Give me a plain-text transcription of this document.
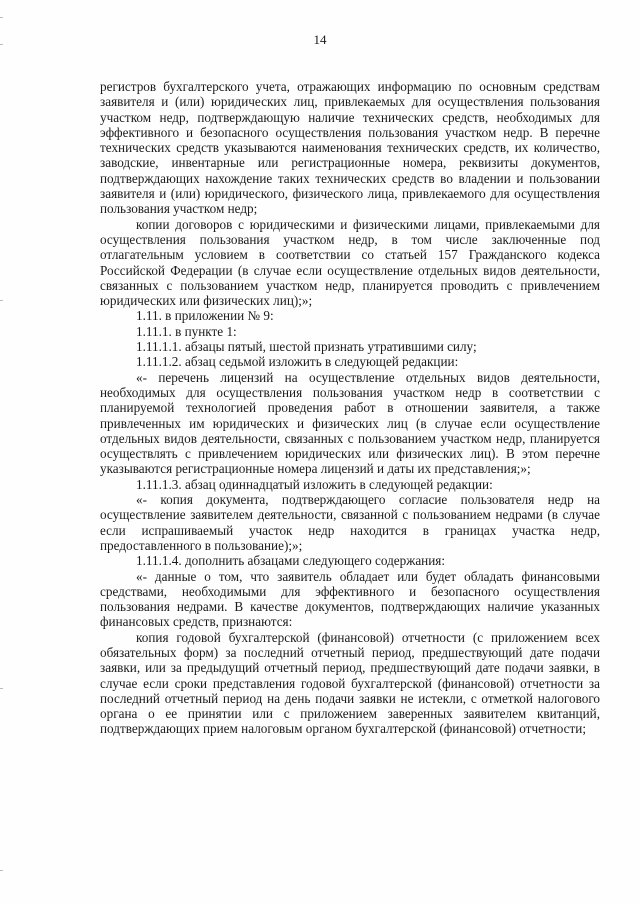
14

регистров бухгалтерского учета, отражающих информацию по основным средствам заявителя и (или) юридических лиц, привлекаемых для осуществления пользования участком недр, подтверждающую наличие технических средств, необходимых для эффективного и безопасного осуществления пользования участком недр. В перечне технических средств указываются наименования технических средств, их количество, заводские, инвентарные или регистрационные номера, реквизиты документов, подтверждающих нахождение таких технических средств во владении и пользовании заявителя и (или) юридического, физического лица, привлекаемого для осуществления пользования участком недр;

копии договоров с юридическими и физическими лицами, привлекаемыми для осуществления пользования участком недр, в том числе заключенные под отлагательным условием в соответствии со статьей 157 Гражданского кодекса Российской Федерации (в случае если осуществление отдельных видов деятельности, связанных с пользованием участком недр, планируется проводить с привлечением юридических или физических лиц);»;

1.11. в приложении № 9:

1.11.1. в пункте 1:

1.11.1.1. абзацы пятый, шестой признать утратившими силу;

1.11.1.2. абзац седьмой изложить в следующей редакции:

«- перечень лицензий на осуществление отдельных видов деятельности, необходимых для осуществления пользования участком недр в соответствии с планируемой технологией проведения работ в отношении заявителя, а также привлеченных им юридических и физических лиц (в случае если осуществление отдельных видов деятельности, связанных с пользованием участком недр, планируется осуществлять с привлечением юридических или физических лиц). В этом перечне указываются регистрационные номера лицензий и даты их представления;»;

1.11.1.3. абзац одиннадцатый изложить в следующей редакции:

«- копия документа, подтверждающего согласие пользователя недр на осуществление заявителем деятельности, связанной с пользованием недрами (в случае если испрашиваемый участок недр находится в границах участка недр, предоставленного в пользование);»;

1.11.1.4. дополнить абзацами следующего содержания:

«- данные о том, что заявитель обладает или будет обладать финансовыми средствами, необходимыми для эффективного и безопасного осуществления пользования недрами. В качестве документов, подтверждающих наличие указанных финансовых средств, признаются:

копия годовой бухгалтерской (финансовой) отчетности (с приложением всех обязательных форм) за последний отчетный период, предшествующий дате подачи заявки, или за предыдущий отчетный период, предшествующий дате подачи заявки, в случае если сроки представления годовой бухгалтерской (финансовой) отчетности за последний отчетный период на день подачи заявки не истекли, с отметкой налогового органа о ее принятии или с приложением заверенных заявителем квитанций, подтверждающих прием налоговым органом бухгалтерской (финансовой) отчетности;
